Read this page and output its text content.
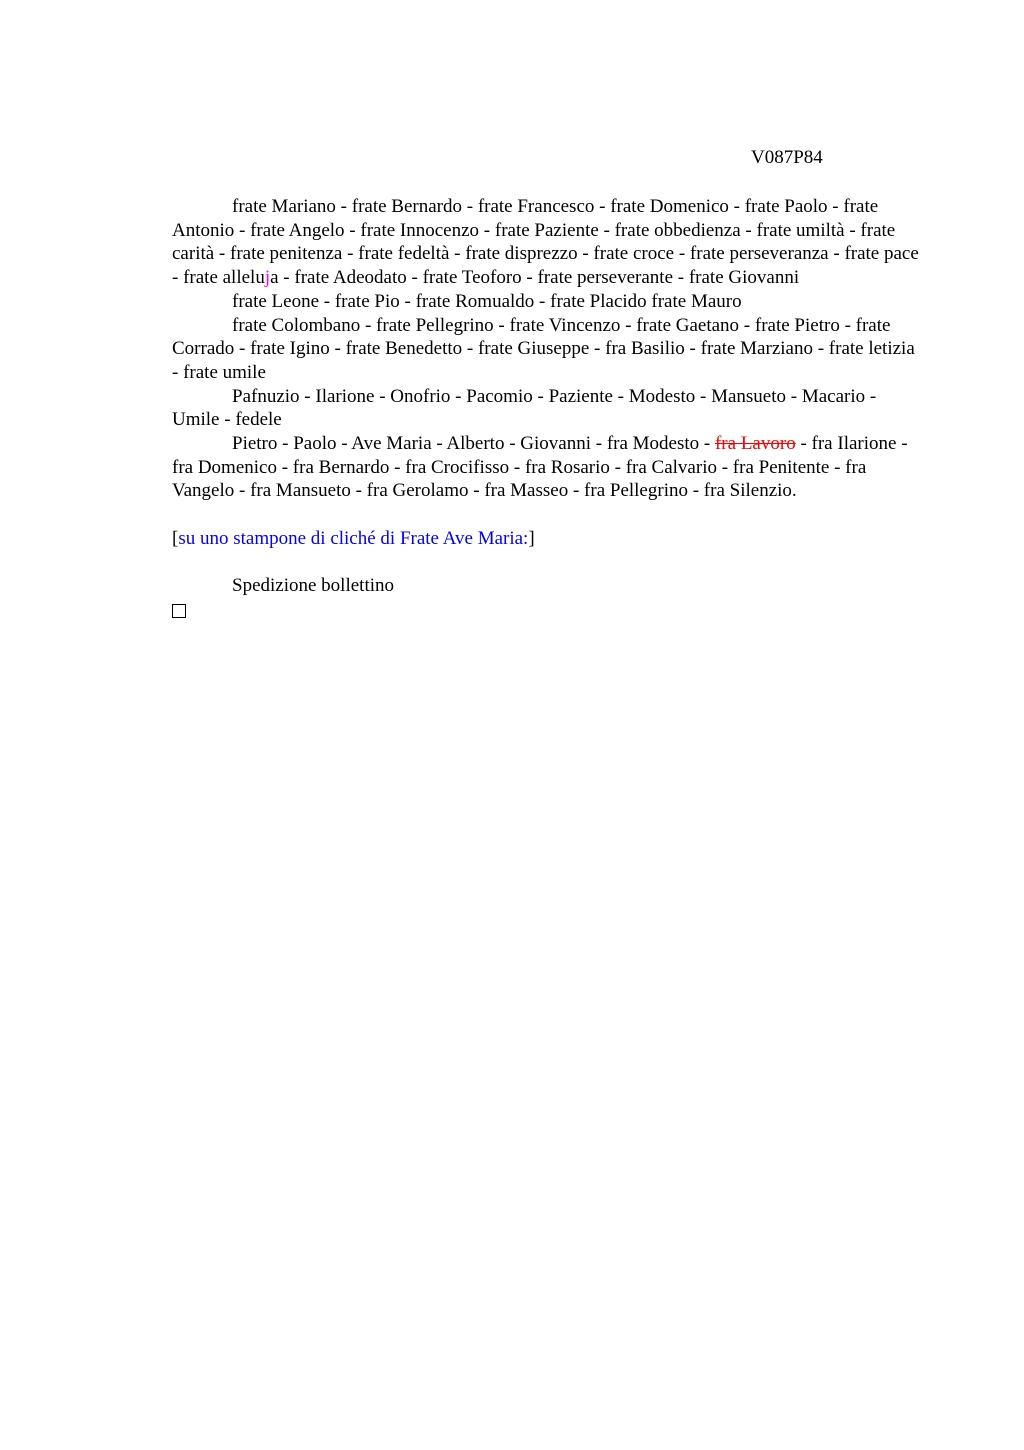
V087P84

frate Mariano - frate Bernardo - frate Francesco - frate Domenico - frate Paolo - frate Antonio - frate Angelo - frate Innocenzo - frate Paziente - frate obbedienza - frate umiltà - frate carità - frate penitenza - frate fedeltà - frate disprezzo - frate croce - frate perseveranza - frate pace - frate alleluja - frate Adeodato - frate Teoforo - frate perseverante - frate Giovanni

frate Leone - frate Pio - frate Romualdo - frate Placido frate Mauro

frate Colombano - frate Pellegrino - frate Vincenzo - frate Gaetano - frate Pietro - frate Corrado - frate Igino - frate Benedetto - frate Giuseppe - fra Basilio - frate Marziano - frate letizia - frate umile

Pafnuzio - Ilarione - Onofrio - Pacomio - Paziente - Modesto - Mansueto - Macario - Umile - fedele

Pietro - Paolo - Ave Maria - Alberto - Giovanni - fra Modesto - fra Lavoro - fra Ilarione - fra Domenico - fra Bernardo - fra Crocifisso - fra Rosario - fra Calvario - fra Penitente - fra Vangelo - fra Mansueto - fra Gerolamo - fra Masseo - fra Pellegrino - fra Silenzio.

[su uno stampone di cliché di Frate Ave Maria:]

Spedizione bollettino
